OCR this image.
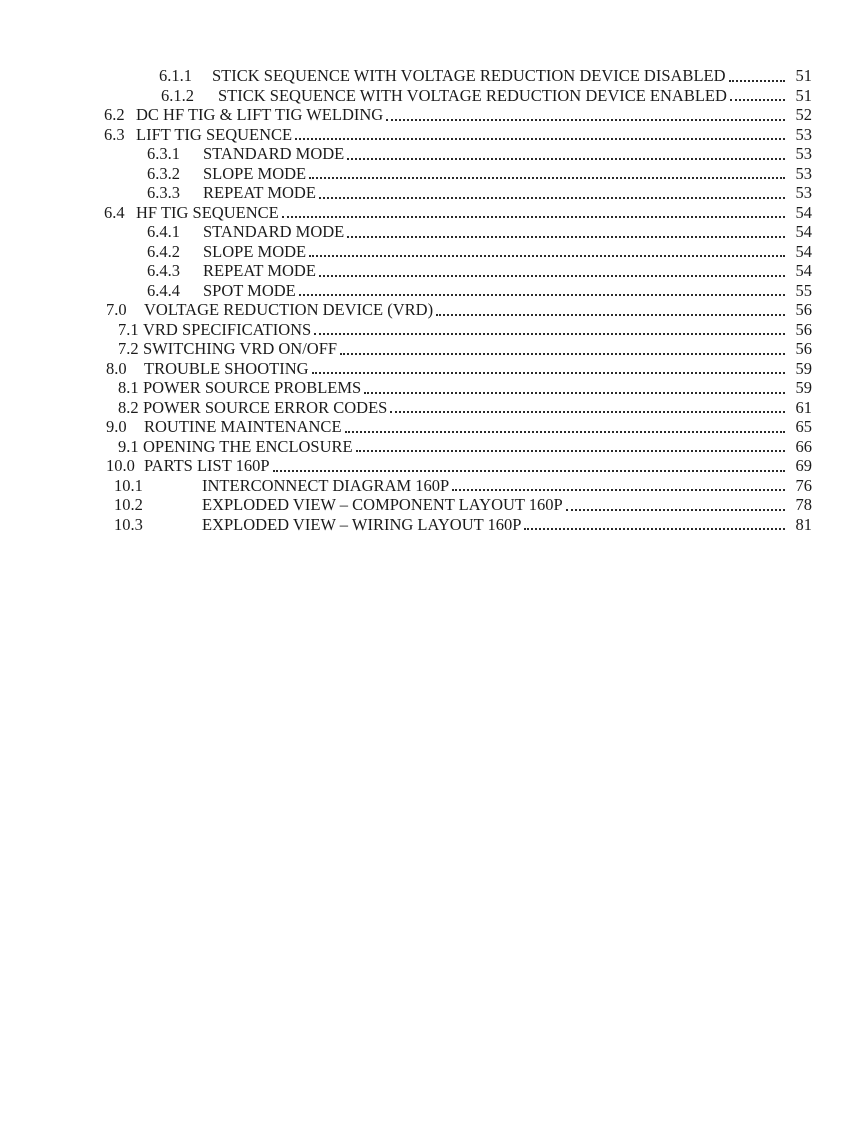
6.1.1	STICK SEQUENCE WITH VOLTAGE REDUCTION DEVICE DISABLED	51
6.1.2	STICK SEQUENCE WITH VOLTAGE REDUCTION DEVICE ENABLED	51
6.2 DC HF TIG & LIFT TIG WELDING	52
6.3 LIFT TIG SEQUENCE	53
6.3.1	STANDARD MODE	53
6.3.2	SLOPE MODE	53
6.3.3	REPEAT MODE	53
6.4 HF TIG SEQUENCE	54
6.4.1	STANDARD MODE	54
6.4.2	SLOPE MODE	54
6.4.3	REPEAT MODE	54
6.4.4	SPOT MODE	55
7.0	VOLTAGE REDUCTION DEVICE (VRD)	56
7.1 VRD SPECIFICATIONS	56
7.2 SWITCHING VRD ON/OFF	56
8.0	TROUBLE SHOOTING	59
8.1 POWER SOURCE PROBLEMS	59
8.2 POWER SOURCE ERROR CODES	61
9.0	ROUTINE MAINTENANCE	65
9.1 OPENING THE ENCLOSURE	66
10.0 PARTS LIST 160P	69
10.1	INTERCONNECT DIAGRAM 160P	76
10.2	EXPLODED VIEW – COMPONENT LAYOUT 160P	78
10.3	EXPLODED VIEW – WIRING LAYOUT 160P	81
